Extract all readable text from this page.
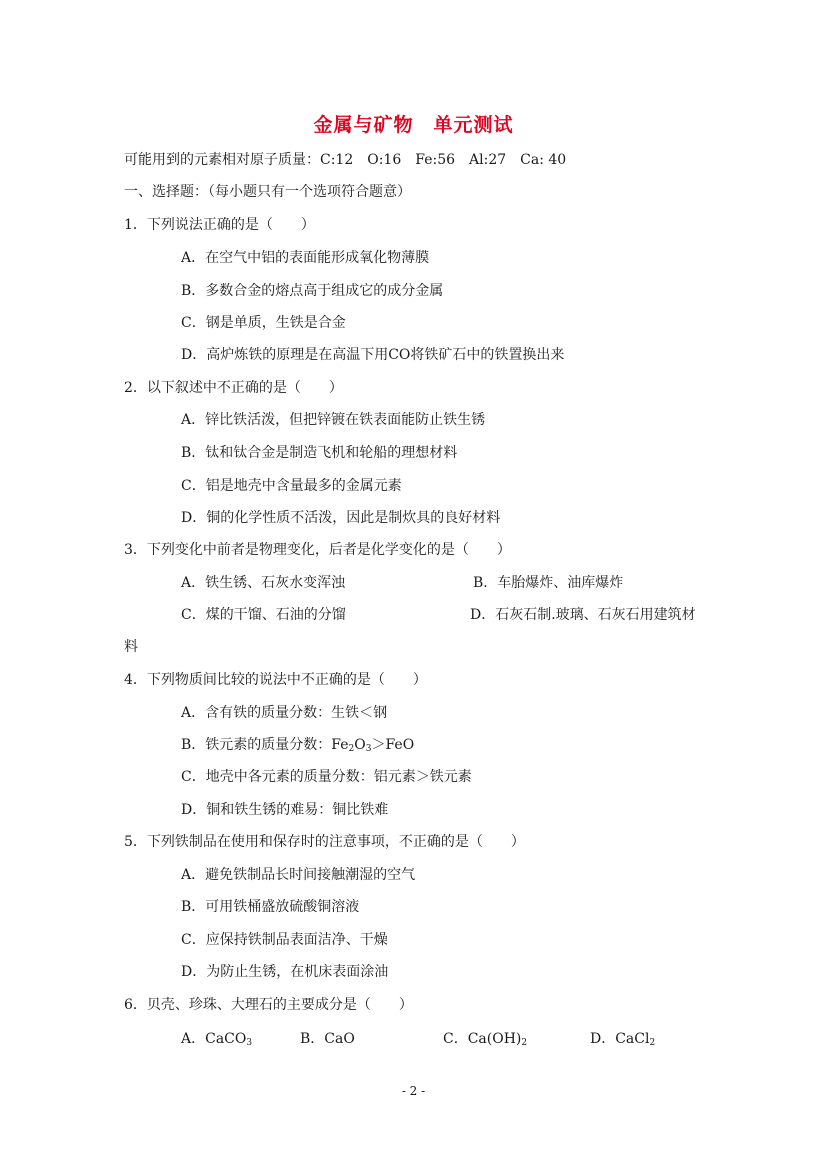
金属与矿物　单元测试
可能用到的元素相对原子质量：C:12　O:16　Fe:56　Al:27　Ca: 40
一、选择题：（每小题只有一个选项符合题意）
1．下列说法正确的是（　　）
A．在空气中铝的表面能形成氧化物薄膜
B．多数合金的熔点高于组成它的成分金属
C．钢是单质，生铁是合金
D．高炉炼铁的原理是在高温下用CO将铁矿石中的铁置换出来
2．以下叙述中不正确的是（　　）
A．锌比铁活泼，但把锌镀在铁表面能防止铁生锈
B．钛和钛合金是制造飞机和轮船的理想材料
C．铝是地壳中含量最多的金属元素
D．铜的化学性质不活泼，因此是制炊具的良好材料
3．下列变化中前者是物理变化，后者是化学变化的是（　　）
A．铁生锈、石灰水变浑浊	B．车胎爆炸、油库爆炸
C．煤的干馏、石油的分馏	D．石灰石制.玻璃、石灰石用建筑材
料
4．下列物质间比较的说法中不正确的是（　　）
A．含有铁的质量分数：生铁＜钢
B．铁元素的质量分数：$Fe_2O_3>FeO$
C．地壳中各元素的质量分数：铝元素＞铁元素
D．铜和铁生锈的难易：铜比铁难
5．下列铁制品在使用和保存时的注意事项，不正确的是（　　）
A．避免铁制品长时间接触潮湿的空气
B．可用铁桶盛放硫酸铜溶液
C．应保持铁制品表面洁净、干燥
D．为防止生锈，在机床表面涂油
6．贝壳、珍珠、大理石的主要成分是（　　）
A．CaCO$_3$	B．CaO	C．$Ca(OH)_2$	D．CaCl$_2$
- 2 -
